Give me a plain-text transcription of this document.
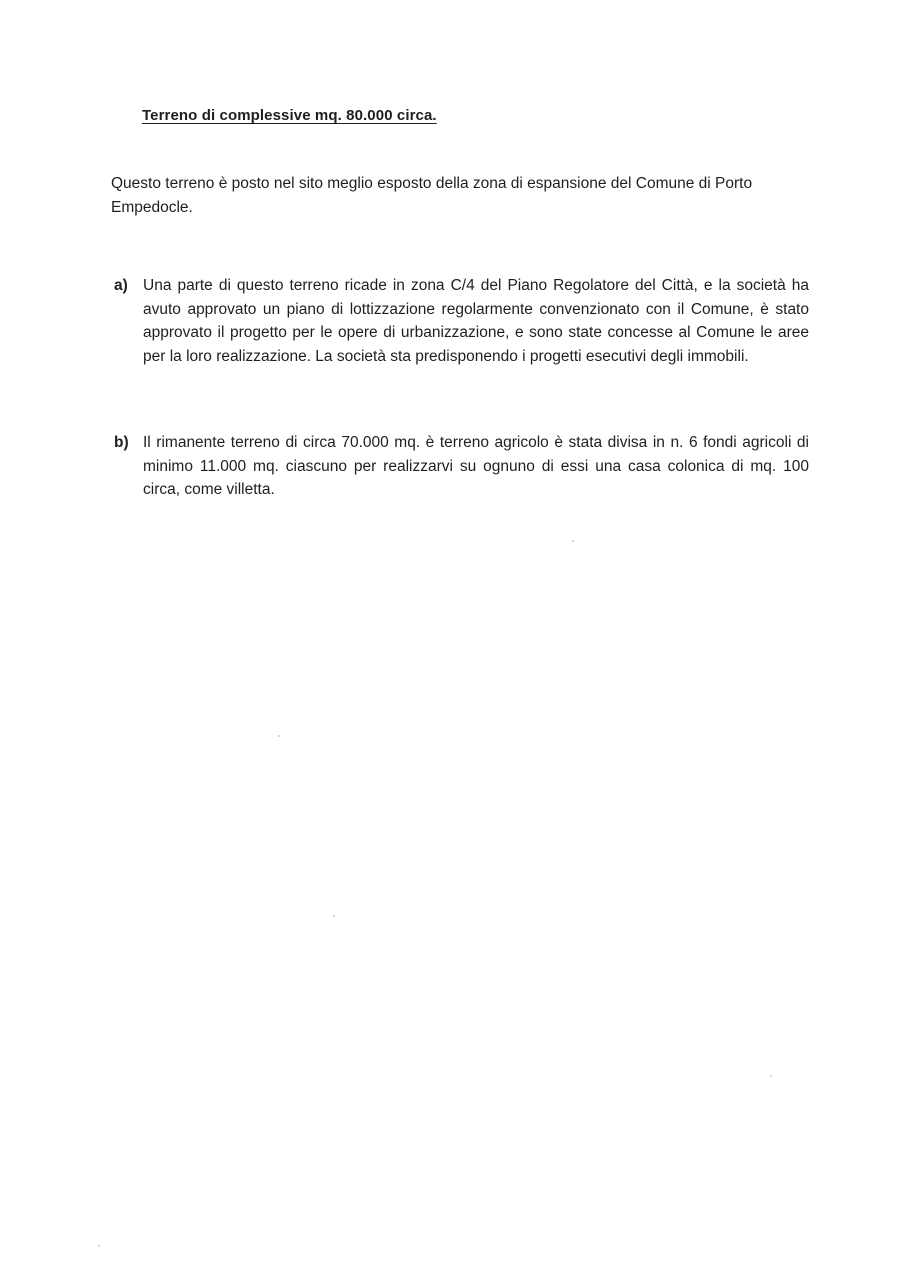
Terreno di complessive mq. 80.000 circa.

Questo terreno è posto nel sito meglio esposto della zona di espansione del Comune di Porto Empedocle.

a) Una parte di questo terreno ricade in zona C/4 del Piano Regolatore del Città, e la società ha avuto approvato un piano di lottizzazione regolarmente convenzionato con il Comune, è stato approvato il progetto per le opere di urbanizzazione, e sono state concesse al Comune le aree per la loro realizzazione. La società sta predisponendo i progetti esecutivi degli immobili.

b) Il rimanente terreno di circa 70.000 mq. è terreno agricolo è stata divisa in n. 6 fondi agricoli di minimo 11.000 mq. ciascuno per realizzarvi su ognuno di essi una casa colonica di mq. 100 circa, come villetta.
